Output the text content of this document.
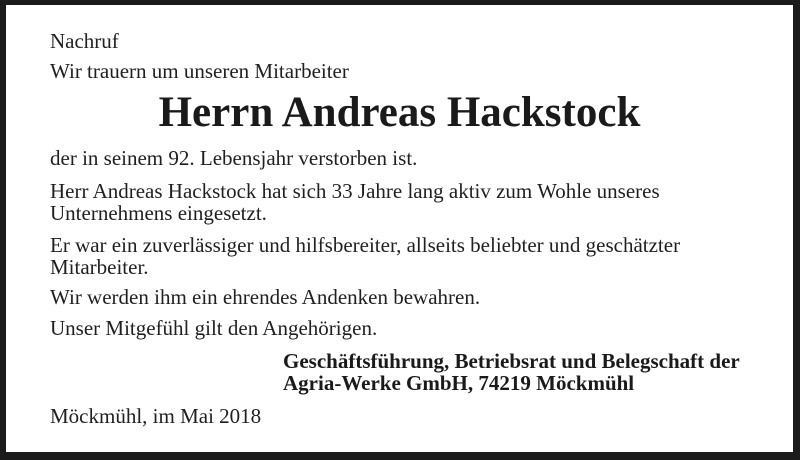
Nachruf
Wir trauern um unseren Mitarbeiter
Herrn Andreas Hackstock
der in seinem 92. Lebensjahr verstorben ist.
Herr Andreas Hackstock hat sich 33 Jahre lang aktiv zum Wohle unseres
Unternehmens eingesetzt.
Er war ein zuverlässiger und hilfsbereiter, allseits beliebter und geschätzter
Mitarbeiter.
Wir werden ihm ein ehrendes Andenken bewahren.
Unser Mitgefühl gilt den Angehörigen.
Geschäftsführung, Betriebsrat und Belegschaft der
Agria-Werke GmbH, 74219 Möckmühl
Möckmühl, im Mai 2018
